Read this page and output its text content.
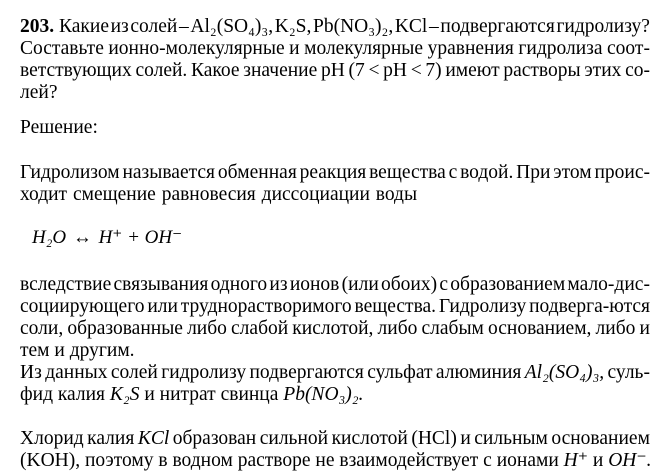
203. Какие из солей – Al₂(SO₄)₃, K₂S, Pb(NO₃)₂, KCl – подвергаются гидролизу?
Составьте ионно-молекулярные и молекулярные уравнения гидролиза соот-
ветствующих солей. Какое значение pH (7 < pH < 7) имеют растворы этих со-
лей?
Решение:
Гидролизом называется обменная реакция вещества с водой. При этом проис-
ходит смещение равновесия диссоциации воды
H₂O ↔ H⁺ + OH⁻
вследствие связывания одного из ионов (или обоих) с образованием мало-дис-
социирующего или труднорастворимого вещества. Гидролизу подверга-ются
соли, образованные либо слабой кислотой, либо слабым основанием, либо и
тем и другим.
Из данных солей гидролизу подвергаются сульфат алюминия Al₂(SO₄)₃, суль-
фид калия K₂S и нитрат свинца Pb(NO₃)₂.
Хлорид калия KCl образован сильной кислотой (HCl) и сильным основанием
(KOH), поэтому в водном растворе не взаимодействует с ионами H⁺ и OH⁻.
